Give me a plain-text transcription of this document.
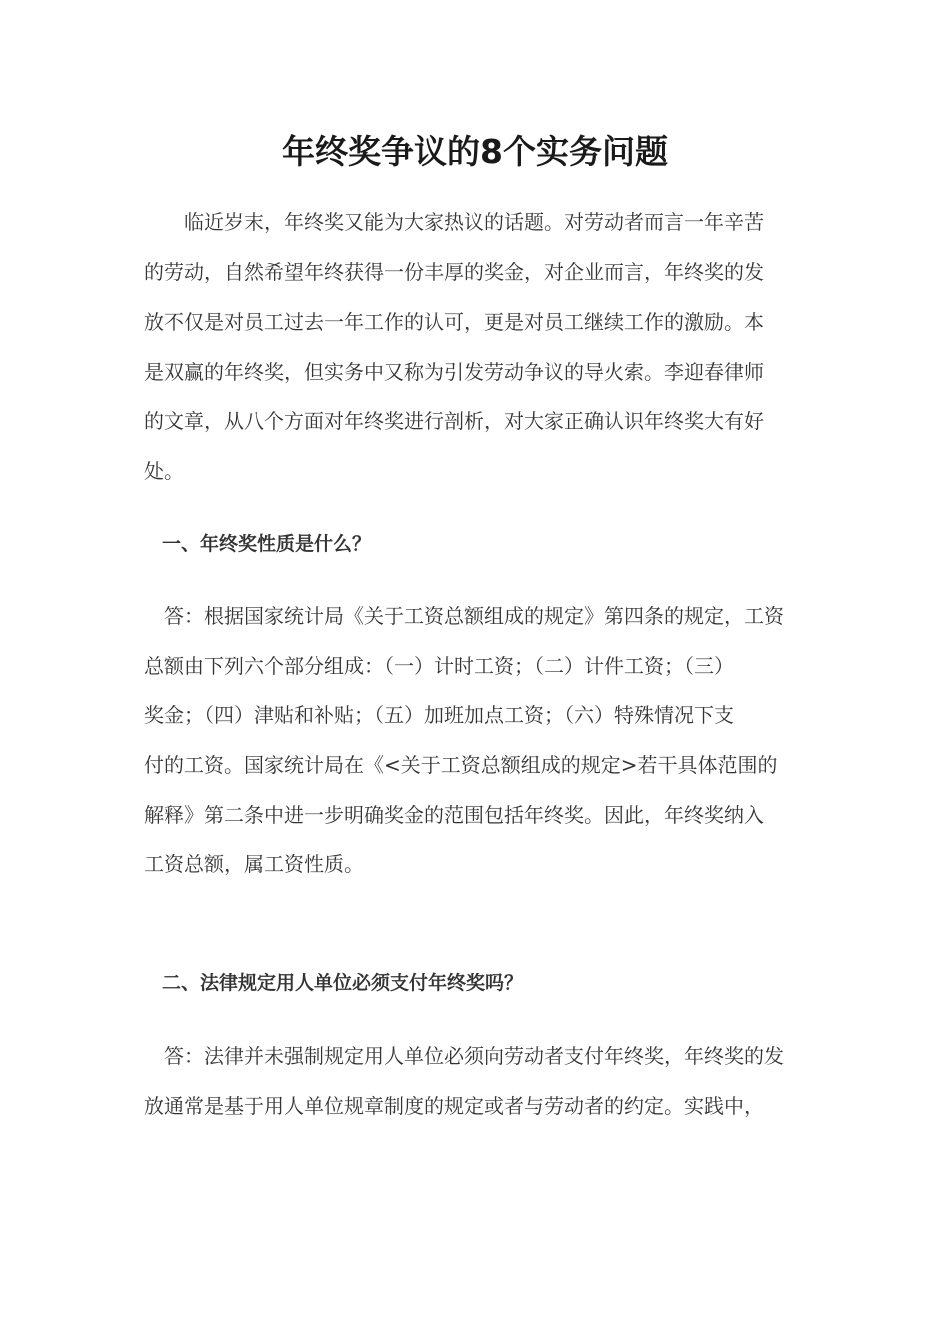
年终奖争议的8个实务问题
　　临近岁末，年终奖又能为大家热议的话题。对劳动者而言一年辛苦
的劳动，自然希望年终获得一份丰厚的奖金，对企业而言，年终奖的发
放不仅是对员工过去一年工作的认可，更是对员工继续工作的激励。本
是双赢的年终奖，但实务中又称为引发劳动争议的导火索。李迎春律师
的文章，从八个方面对年终奖进行剖析，对大家正确认识年终奖大有好
处。
一、年终奖性质是什么？
　答：根据国家统计局《关于工资总额组成的规定》第四条的规定，工资
总额由下列六个部分组成：（一）计时工资；（二）计件工资；（三）
奖金；（四）津贴和补贴；（五）加班加点工资；（六）特殊情况下支
付的工资。国家统计局在《<关于工资总额组成的规定>若干具体范围的
解释》第二条中进一步明确奖金的范围包括年终奖。因此，年终奖纳入
工资总额，属工资性质。
二、法律规定用人单位必须支付年终奖吗？
　答：法律并未强制规定用人单位必须向劳动者支付年终奖，年终奖的发
放通常是基于用人单位规章制度的规定或者与劳动者的约定。实践中，
